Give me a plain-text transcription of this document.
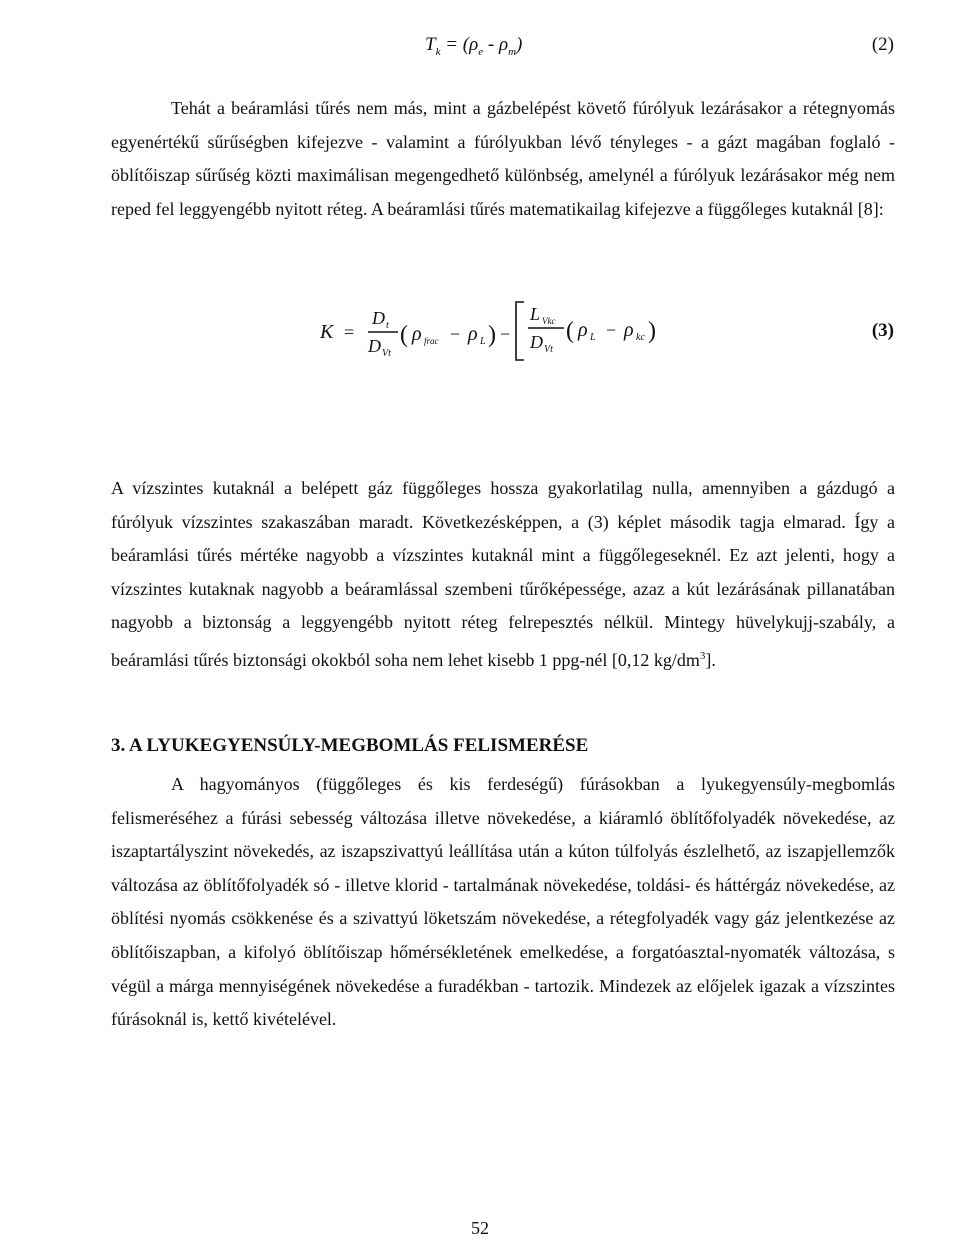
$T_k = (\rho_e - \rho_m)$	(2)

Tehát a beáramlási tűrés nem más, mint a gázbelépést követő fúrólyuk lezárásakor a rétegnyomás egyenértékű sűrűségben kifejezve - valamint a fúrólyukban lévő tényleges - a gázt magában foglaló - öblítőiszap sűrűség közti maximálisan megengedhető különbség, amelynél a fúrólyuk lezárásakor még nem reped fel leggyengébb nyitott réteg. A beáramlási tűrés matematikailag kifejezve a függőleges kutaknál [8]:

K =
D t
D Vt
( ρ frac − ρ L ) −
L Vkc
D Vt
( ρ L − ρ kc )	(3)

A vízszintes kutaknál a belépett gáz függőleges hossza gyakorlatilag nulla, amennyiben a gázdugó a fúrólyuk vízszintes szakaszában maradt. Következésképpen, a (3) képlet második tagja elmarad. Így a beáramlási tűrés mértéke nagyobb a vízszintes kutaknál mint a függőlegeseknél. Ez azt jelenti, hogy a vízszintes kutaknak nagyobb a beáramlással szembeni tűrőképessége, azaz a kút lezárásának pillanatában nagyobb a biztonság a leggyengébb nyitott réteg felrepesztés nélkül. Mintegy hüvelykujj-szabály, a beáramlási tűrés biztonsági okokból soha nem lehet kisebb 1 ppg-nél [0,12 $kg/dm^3$].

3. A LYUKEGYENSÚLY-MEGBOMLÁS FELISMERÉSE

A hagyományos (függőleges és kis ferdeségű) fúrásokban a lyukegyensúly-megbomlás felismeréséhez a fúrási sebesség változása illetve növekedése, a kiáramló öblítőfolyadék növekedése, az iszaptartályszint növekedés, az iszapszivattyú leállítása után a kúton túlfolyás észlelhető, az iszapjellemzők változása az öblítőfolyadék só - illetve klorid - tartalmának növekedése, toldási- és háttérgáz növekedése, az öblítési nyomás csökkenése és a szivattyú löketszám növekedése, a rétegfolyadék vagy gáz jelentkezése az öblítőiszapban, a kifolyó öblítőiszap hőmérsékletének emelkedése, a forgatóasztal-nyomaték változása, s végül a márga mennyiségének növekedése a furadékban - tartozik. Mindezek az előjelek igazak a vízszintes fúrásoknál is, kettő kivételével.

52
